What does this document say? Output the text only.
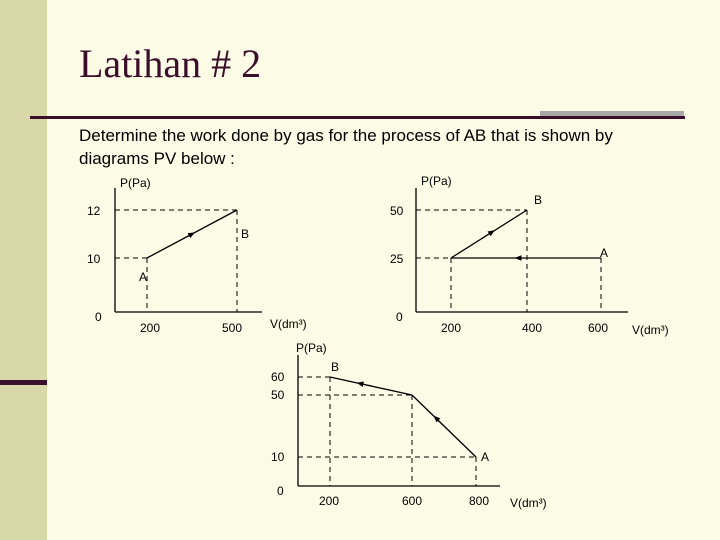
Latihan # 2
Determine the work done by gas for the process of AB that is shown by diagrams PV below :
P(Pa)
12
10
0
200	500 V(dm³)
A
B
P(Pa)
50
25
0
200	400	600 V(dm³)
A
B
P(Pa)
60
50
10
0
200	600	800 V(dm³)
A
B
